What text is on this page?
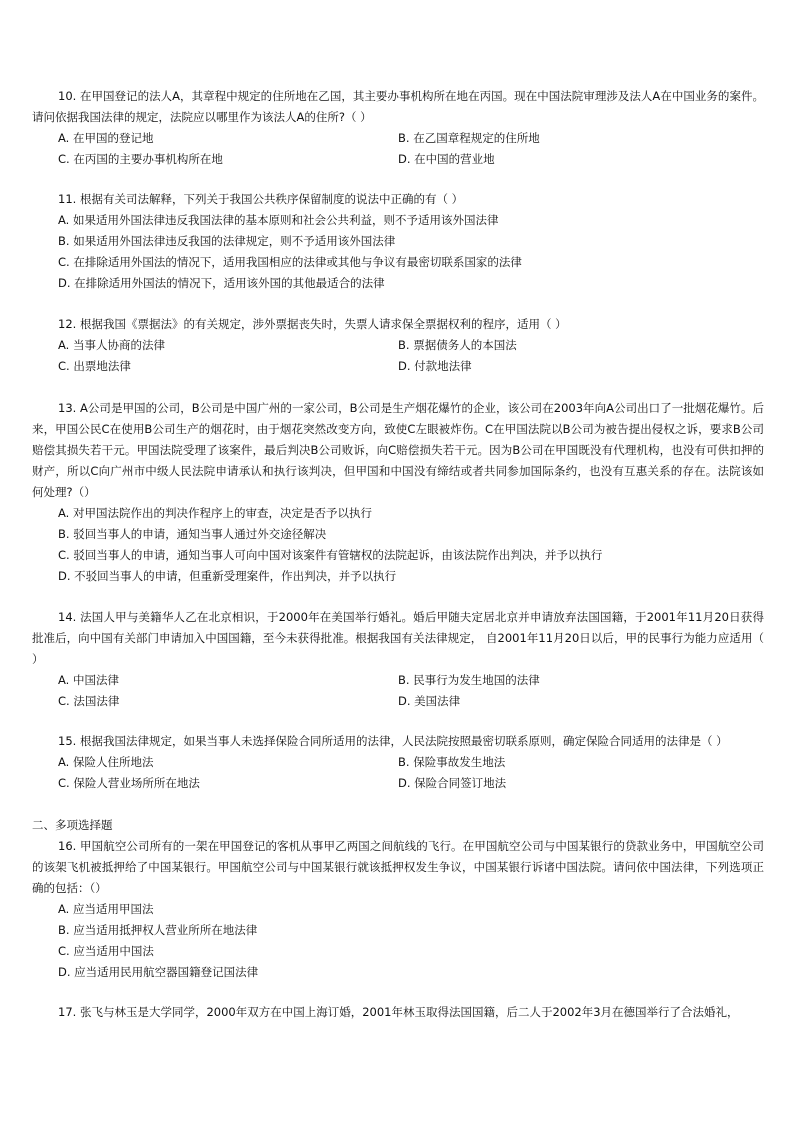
10. 在甲国登记的法人A，其章程中规定的住所地在乙国，其主要办事机构所在地在丙国。现在中国法院审理涉及法人A在中国业务的案件。请问依据我国法律的规定，法院应以哪里作为该法人A的住所?（ ）

A. 在甲国的登记地	B. 在乙国章程规定的住所地
C. 在丙国的主要办事机构所在地	D. 在中国的营业地

11. 根据有关司法解释，下列关于我国公共秩序保留制度的说法中正确的有（ ）

A. 如果适用外国法律违反我国法律的基本原则和社会公共利益，则不予适用该外国法律
B. 如果适用外国法律违反我国的法律规定，则不予适用该外国法律
C. 在排除适用外国法的情况下，适用我国相应的法律或其他与争议有最密切联系国家的法律
D. 在排除适用外国法的情况下，适用该外国的其他最适合的法律

12. 根据我国《票据法》的有关规定，涉外票据丧失时，失票人请求保全票据权利的程序，适用（ ）

A. 当事人协商的法律	B. 票据债务人的本国法
C. 出票地法律	D. 付款地法律

13. A公司是甲国的公司，B公司是中国广州的一家公司，B公司是生产烟花爆竹的企业，该公司在2003年向A公司出口了一批烟花爆竹。后来，甲国公民C在使用B公司生产的烟花时，由于烟花突然改变方向，致使C左眼被炸伤。C在甲国法院以B公司为被告提出侵权之诉，要求B公司赔偿其损失若干元。甲国法院受理了该案件，最后判决B公司败诉，向C赔偿损失若干元。因为B公司在甲国既没有代理机构，也没有可供扣押的财产，所以C向广州市中级人民法院申请承认和执行该判决，但甲国和中国没有缔结或者共同参加国际条约，也没有互惠关系的存在。法院该如何处理?（）

A. 对甲国法院作出的判决作程序上的审查，决定是否予以执行
B. 驳回当事人的申请，通知当事人通过外交途径解决
C. 驳回当事人的申请，通知当事人可向中国对该案件有管辖权的法院起诉，由该法院作出判决，并予以执行
D. 不驳回当事人的申请，但重新受理案件，作出判决，并予以执行

14. 法国人甲与美籍华人乙在北京相识，于2000年在美国举行婚礼。婚后甲随夫定居北京并申请放弃法国国籍，于2001年11月20日获得批准后，向中国有关部门申请加入中国国籍，至今未获得批准。根据我国有关法律规定， 自2001年11月20日以后，甲的民事行为能力应适用（ ）

A. 中国法律	B. 民事行为发生地国的法律
C. 法国法律	D. 美国法律

15. 根据我国法律规定，如果当事人未选择保险合同所适用的法律，人民法院按照最密切联系原则，确定保险合同适用的法律是（ ）

A. 保险人住所地法	B. 保险事故发生地法
C. 保险人营业场所所在地法	D. 保险合同签订地法
二、多项选择题

16. 甲国航空公司所有的一架在甲国登记的客机从事甲乙两国之间航线的飞行。在甲国航空公司与中国某银行的贷款业务中，甲国航空公司的该架飞机被抵押给了中国某银行。甲国航空公司与中国某银行就该抵押权发生争议，中国某银行诉诸中国法院。请问依中国法律，下列选项正确的包括：（）

A. 应当适用甲国法
B. 应当适用抵押权人营业所所在地法律
C. 应当适用中国法
D. 应当适用民用航空器国籍登记国法律

17. 张飞与林玉是大学同学，2000年双方在中国上海订婚，2001年林玉取得法国国籍，后二人于2002年3月在德国举行了合法婚礼，
